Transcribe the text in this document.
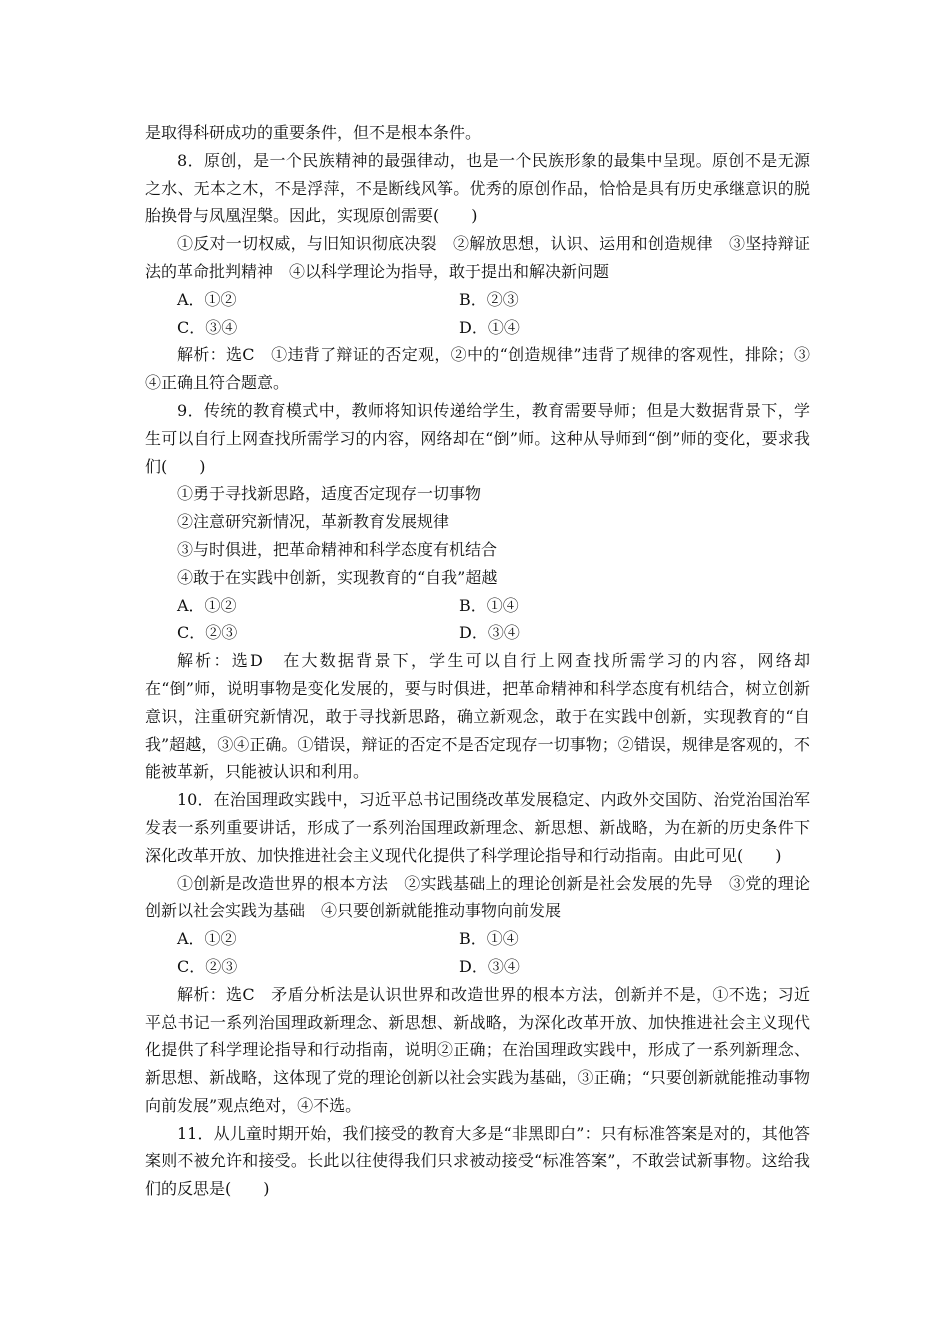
是取得科研成功的重要条件，但不是根本条件。

8．原创，是一个民族精神的最强律动，也是一个民族形象的最集中呈现。原创不是无源之水、无本之木，不是浮萍，不是断线风筝。优秀的原创作品，恰恰是具有历史承继意识的脱胎换骨与凤凰涅槃。因此，实现原创需要(　　)

①反对一切权威，与旧知识彻底决裂　②解放思想，认识、运用和创造规律　③坚持辩证法的革命批判精神　④以科学理论为指导，敢于提出和解决新问题

A．①②	B．②③
C．③④	D．①④

解析：选C　①违背了辩证的否定观，②中的“创造规律”违背了规律的客观性，排除；③④正确且符合题意。

9．传统的教育模式中，教师将知识传递给学生，教育需要导师；但是大数据背景下，学生可以自行上网查找所需学习的内容，网络却在“倒”师。这种从导师到“倒”师的变化，要求我们(　　)

①勇于寻找新思路，适度否定现存一切事物

②注意研究新情况，革新教育发展规律

③与时俱进，把革命精神和科学态度有机结合

④敢于在实践中创新，实现教育的“自我”超越

A．①②	B．①④
C．②③	D．③④

解析：选D　在大数据背景下，学生可以自行上网查找所需学习的内容，网络却在“倒”师，说明事物是变化发展的，要与时俱进，把革命精神和科学态度有机结合，树立创新意识，注重研究新情况，敢于寻找新思路，确立新观念，敢于在实践中创新，实现教育的“自我”超越，③④正确。①错误，辩证的否定不是否定现存一切事物；②错误，规律是客观的，不能被革新，只能被认识和利用。

10．在治国理政实践中，习近平总书记围绕改革发展稳定、内政外交国防、治党治国治军发表一系列重要讲话，形成了一系列治国理政新理念、新思想、新战略，为在新的历史条件下深化改革开放、加快推进社会主义现代化提供了科学理论指导和行动指南。由此可见(　　)

①创新是改造世界的根本方法　②实践基础上的理论创新是社会发展的先导　③党的理论创新以社会实践为基础　④只要创新就能推动事物向前发展

A．①②	B．①④
C．②③	D．③④

解析：选C　矛盾分析法是认识世界和改造世界的根本方法，创新并不是，①不选；习近平总书记一系列治国理政新理念、新思想、新战略，为深化改革开放、加快推进社会主义现代化提供了科学理论指导和行动指南，说明②正确；在治国理政实践中，形成了一系列新理念、新思想、新战略，这体现了党的理论创新以社会实践为基础，③正确；“只要创新就能推动事物向前发展”观点绝对，④不选。

11．从儿童时期开始，我们接受的教育大多是“非黑即白”：只有标准答案是对的，其他答案则不被允许和接受。长此以往使得我们只求被动接受“标准答案”，不敢尝试新事物。这给我们的反思是(　　)
